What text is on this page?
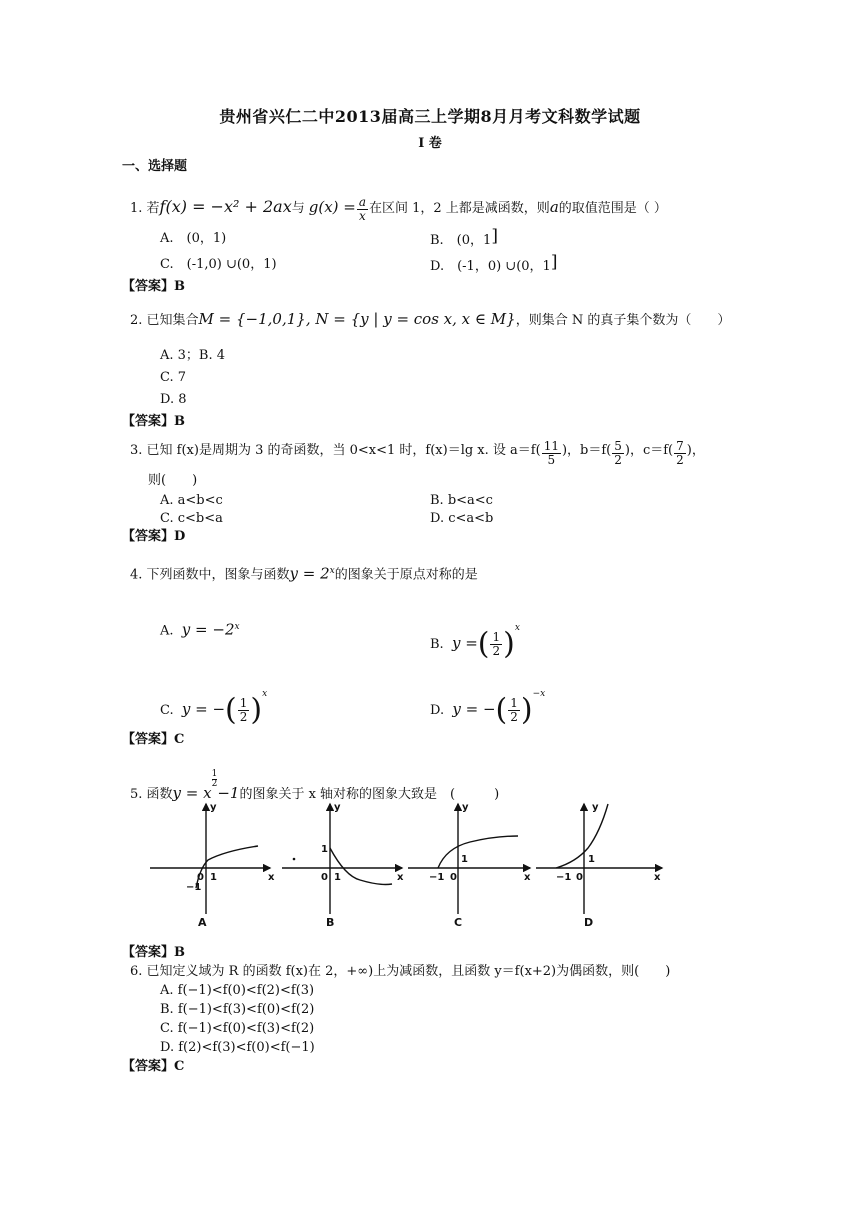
贵州省兴仁二中2013届高三上学期8月月考文科数学试题
I 卷
一、选择题
1. 若f(x) = −x² + 2ax与 $g(x) = \frac{a}{x}$ 在区间 1，2 上都是减函数，则a的取值范围是（ ）
A.　(0，1)	B.　(0，1]
C.　(-1,0) ∪(0，1)	D.　(-1，0) ∪(0，1]
【答案】B
2. 已知集合M = {−1,0,1}, N = {y | y = cos x, x ∈ M}，则集合 N 的真子集个数为（　　）
A. 3；B. 4
C. 7
D. 8
【答案】B
3. 已知 f(x)是周期为 3 的奇函数，当 0<x<1 时，f(x)＝lg x. 设 $a=f( \frac{11}{5}$ )，$b=f( \frac{5}{2}$ )，$c=f( \frac{7}{2}$ )，
则(　　)
A. a<b<c	B. b<a<c
C. c<b<a	D. c<a<b
【答案】D
4. 下列函数中，图象与函数$y = 2^x$的图象关于原点对称的是
A. $y = -2^x$
B. y =( $\frac{1}{2} )^x$
C. y = −( $\frac{1}{2} )^x$
D. y = −( $\frac{1}{2} )^{-x}$
【答案】C
5. 函数y = x
$\frac{1}{2}$
−1的图象关于 x 轴对称的图象大致是　(　　　)
y
x
0 1
−1
A
y
x
1
0 1
B
y
x
−1 0
1
C
y
x
−1 0
1
D
【答案】B
6. 已知定义域为 R 的函数 f(x)在 2，+∞)上为减函数，且函数 y＝f(x+2)为偶函数，则(　　)
A. f(−1)<f(0)<f(2)<f(3)
B. f(−1)<f(3)<f(0)<f(2)
C. f(−1)<f(0)<f(3)<f(2)
D. f(2)<f(3)<f(0)<f(−1)
【答案】C
